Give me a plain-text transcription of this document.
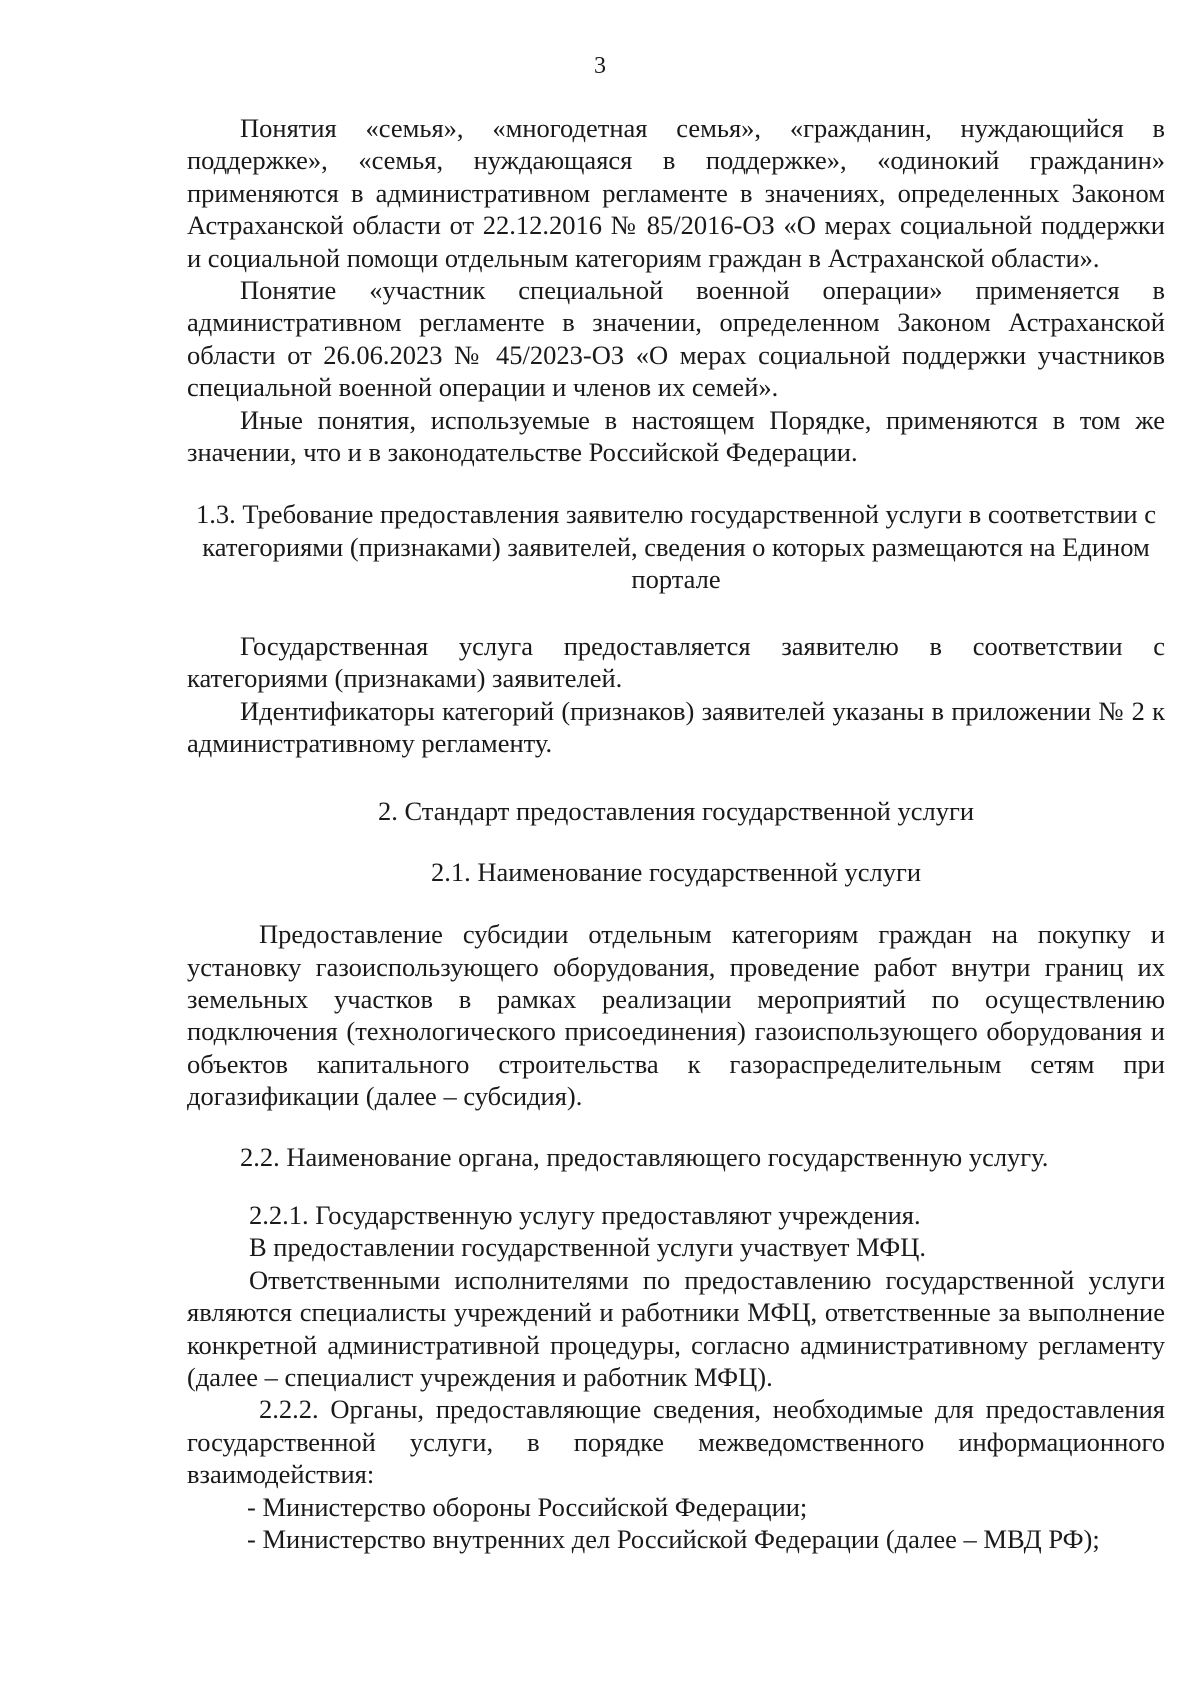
3

Понятия «семья», «многодетная семья», «гражданин, нуждающийся в поддержке», «семья, нуждающаяся в поддержке», «одинокий гражданин» применяются в административном регламенте в значениях, определенных Законом Астраханской области от 22.12.2016 № 85/2016-ОЗ «О мерах социальной поддержки и социальной помощи отдельным категориям граждан в Астраханской области».

Понятие «участник специальной военной операции» применяется в административном регламенте в значении, определенном Законом Астраханской области от 26.06.2023 № 45/2023-ОЗ «О мерах социальной поддержки участников специальной военной операции и членов их семей».

Иные понятия, используемые в настоящем Порядке, применяются в том же значении, что и в законодательстве Российской Федерации.

1.3. Требование предоставления заявителю государственной услуги в соответствии с категориями (признаками) заявителей, сведения о которых размещаются на Едином портале

Государственная услуга предоставляется заявителю в соответствии с категориями (признаками) заявителей.

Идентификаторы категорий (признаков) заявителей указаны в приложении № 2 к административному регламенту.

2. Стандарт предоставления государственной услуги

2.1. Наименование государственной услуги

Предоставление субсидии отдельным категориям граждан на покупку и установку газоиспользующего оборудования, проведение работ внутри границ их земельных участков в рамках реализации мероприятий по осуществлению подключения (технологического присоединения) газоиспользующего оборудования и объектов капитального строительства к газораспределительным сетям при догазификации (далее – субсидия).

2.2. Наименование органа, предоставляющего государственную услугу.

2.2.1. Государственную услугу предоставляют учреждения.

В предоставлении государственной услуги участвует МФЦ.

Ответственными исполнителями по предоставлению государственной услуги являются специалисты учреждений и работники МФЦ, ответственные за выполнение конкретной административной процедуры, согласно административному регламенту (далее – специалист учреждения и работник МФЦ).

2.2.2. Органы, предоставляющие сведения, необходимые для предоставления государственной услуги, в порядке межведомственного информационного взаимодействия:

- Министерство обороны Российской Федерации;

- Министерство внутренних дел Российской Федерации (далее – МВД РФ);
